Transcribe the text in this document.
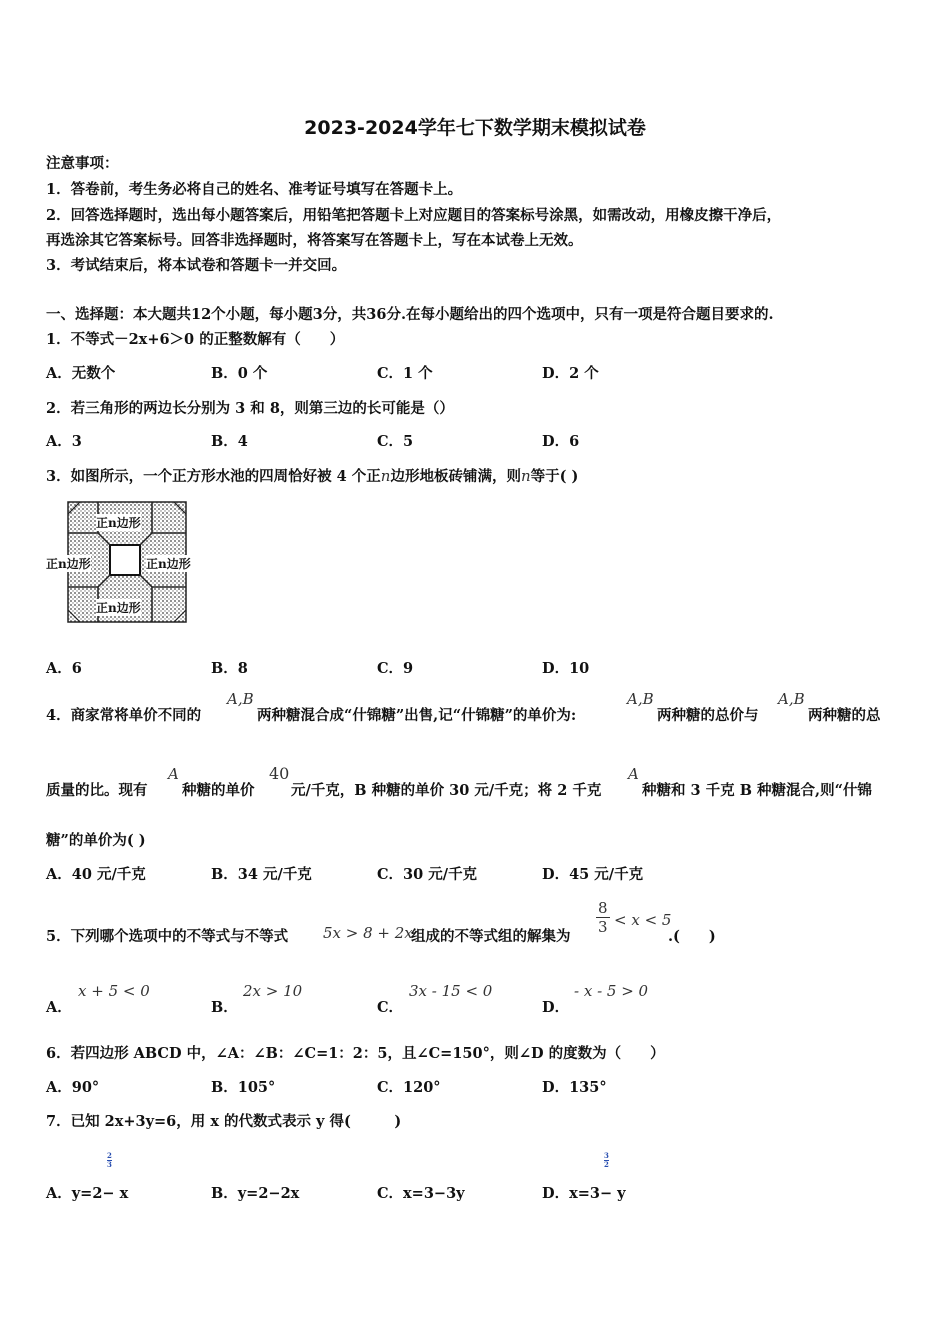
2023-2024学年七下数学期末模拟试卷
注意事项：
1．答卷前，考生务必将自己的姓名、准考证号填写在答题卡上。
2．回答选择题时，选出每小题答案后，用铅笔把答题卡上对应题目的答案标号涂黑，如需改动，用橡皮擦干净后，
再选涂其它答案标号。回答非选择题时，将答案写在答题卡上，写在本试卷上无效。
3．考试结束后，将本试卷和答题卡一并交回。
一、选择题：本大题共12个小题，每小题3分，共36分.在每小题给出的四个选项中，只有一项是符合题目要求的.
1．不等式－2x+6＞0 的正整数解有（　　）
A．无数个	B．0 个	C．1 个	D．2 个
2．若三角形的两边长分别为 3 和 8，则第三边的长可能是（）
A．3	B．4	C．5	D．6
3．如图所示，一个正方形水池的四周恰好被 4 个正n边形地板砖铺满，则n等于( )
正n边形
正n边形	正n边形
正n边形
A．6	B．8	C．9	D．10
4．商家常将单价不同的
A,B
两种糖混合成“什锦糖”出售,记“什锦糖”的单价为:
A,B
两种糖的总价与
A,B
两种糖的总
质量的比。现有
A
种糖的单价
40
元/千克，B 种糖的单价 30 元/千克；将 2 千克
A
种糖和 3 千克 B 种糖混合,则“什锦
糖”的单价为( )
A．40 元/千克	B．34 元/千克	C．30 元/千克	D．45 元/千克
5．下列哪个选项中的不等式与不等式 5x > 8 + 2x
组成的不等式组的解集为
$\frac{8}{3} < x < 5$
.(　　)
A．
x + 5 < 0
B．
2x > 10
C．
3x - 15 < 0
D．
- x - 5 > 0
6．若四边形 ABCD 中，∠A：∠B：∠C=1：2：5，且∠C=150°，则∠D 的度数为（　　）
A．90°	B．105°	C．120°	D．135°
7．已知 2x+3y=6，用 x 的代数式表示 y 得(　　　)
$\frac{2}{3}$
A．y=2− x	B．y=2−2x	C．x=3−3y
$\frac{3}{2}$
D．x=3− y
